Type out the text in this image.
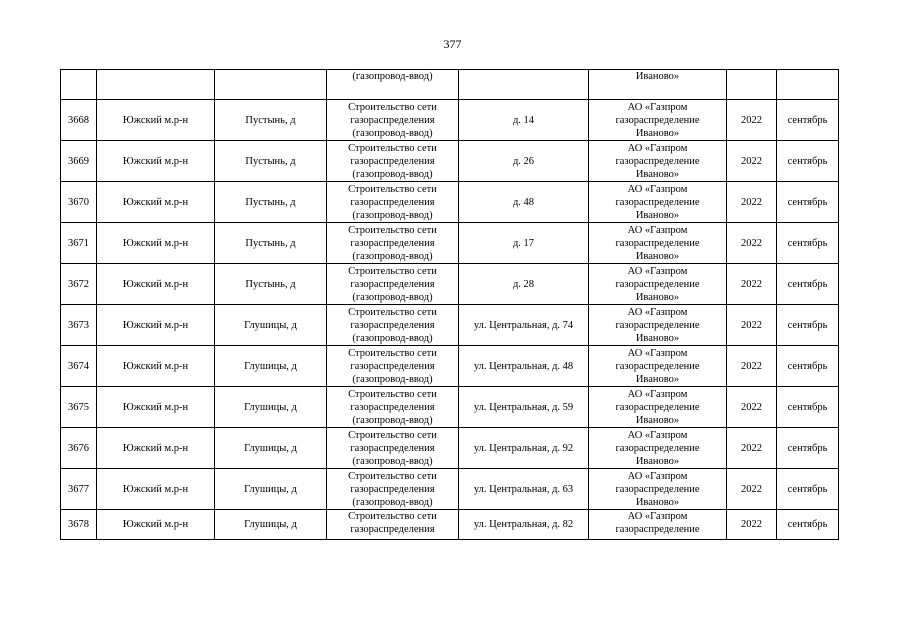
377
			(газопровод-ввод)		Иваново»		
3668	Южский м.р-н	Пустынь, д	Строительство сети
газораспределения
(газопровод-ввод)	д. 14	АО «Газпром
газораспределение
Иваново»	2022	сентябрь
3669	Южский м.р-н	Пустынь, д	Строительство сети
газораспределения
(газопровод-ввод)	д. 26	АО «Газпром
газораспределение
Иваново»	2022	сентябрь
3670	Южский м.р-н	Пустынь, д	Строительство сети
газораспределения
(газопровод-ввод)	д. 48	АО «Газпром
газораспределение
Иваново»	2022	сентябрь
3671	Южский м.р-н	Пустынь, д	Строительство сети
газораспределения
(газопровод-ввод)	д. 17	АО «Газпром
газораспределение
Иваново»	2022	сентябрь
3672	Южский м.р-н	Пустынь, д	Строительство сети
газораспределения
(газопровод-ввод)	д. 28	АО «Газпром
газораспределение
Иваново»	2022	сентябрь
3673	Южский м.р-н	Глушицы, д	Строительство сети
газораспределения
(газопровод-ввод)	ул. Центральная, д. 74	АО «Газпром
газораспределение
Иваново»	2022	сентябрь
3674	Южский м.р-н	Глушицы, д	Строительство сети
газораспределения
(газопровод-ввод)	ул. Центральная, д. 48	АО «Газпром
газораспределение
Иваново»	2022	сентябрь
3675	Южский м.р-н	Глушицы, д	Строительство сети
газораспределения
(газопровод-ввод)	ул. Центральная, д. 59	АО «Газпром
газораспределение
Иваново»	2022	сентябрь
3676	Южский м.р-н	Глушицы, д	Строительство сети
газораспределения
(газопровод-ввод)	ул. Центральная, д. 92	АО «Газпром
газораспределение
Иваново»	2022	сентябрь
3677	Южский м.р-н	Глушицы, д	Строительство сети
газораспределения
(газопровод-ввод)	ул. Центральная, д. 63	АО «Газпром
газораспределение
Иваново»	2022	сентябрь
3678	Южский м.р-н	Глушицы, д	Строительство сети
газораспределения	ул. Центральная, д. 82	АО «Газпром
газораспределение	2022	сентябрь
